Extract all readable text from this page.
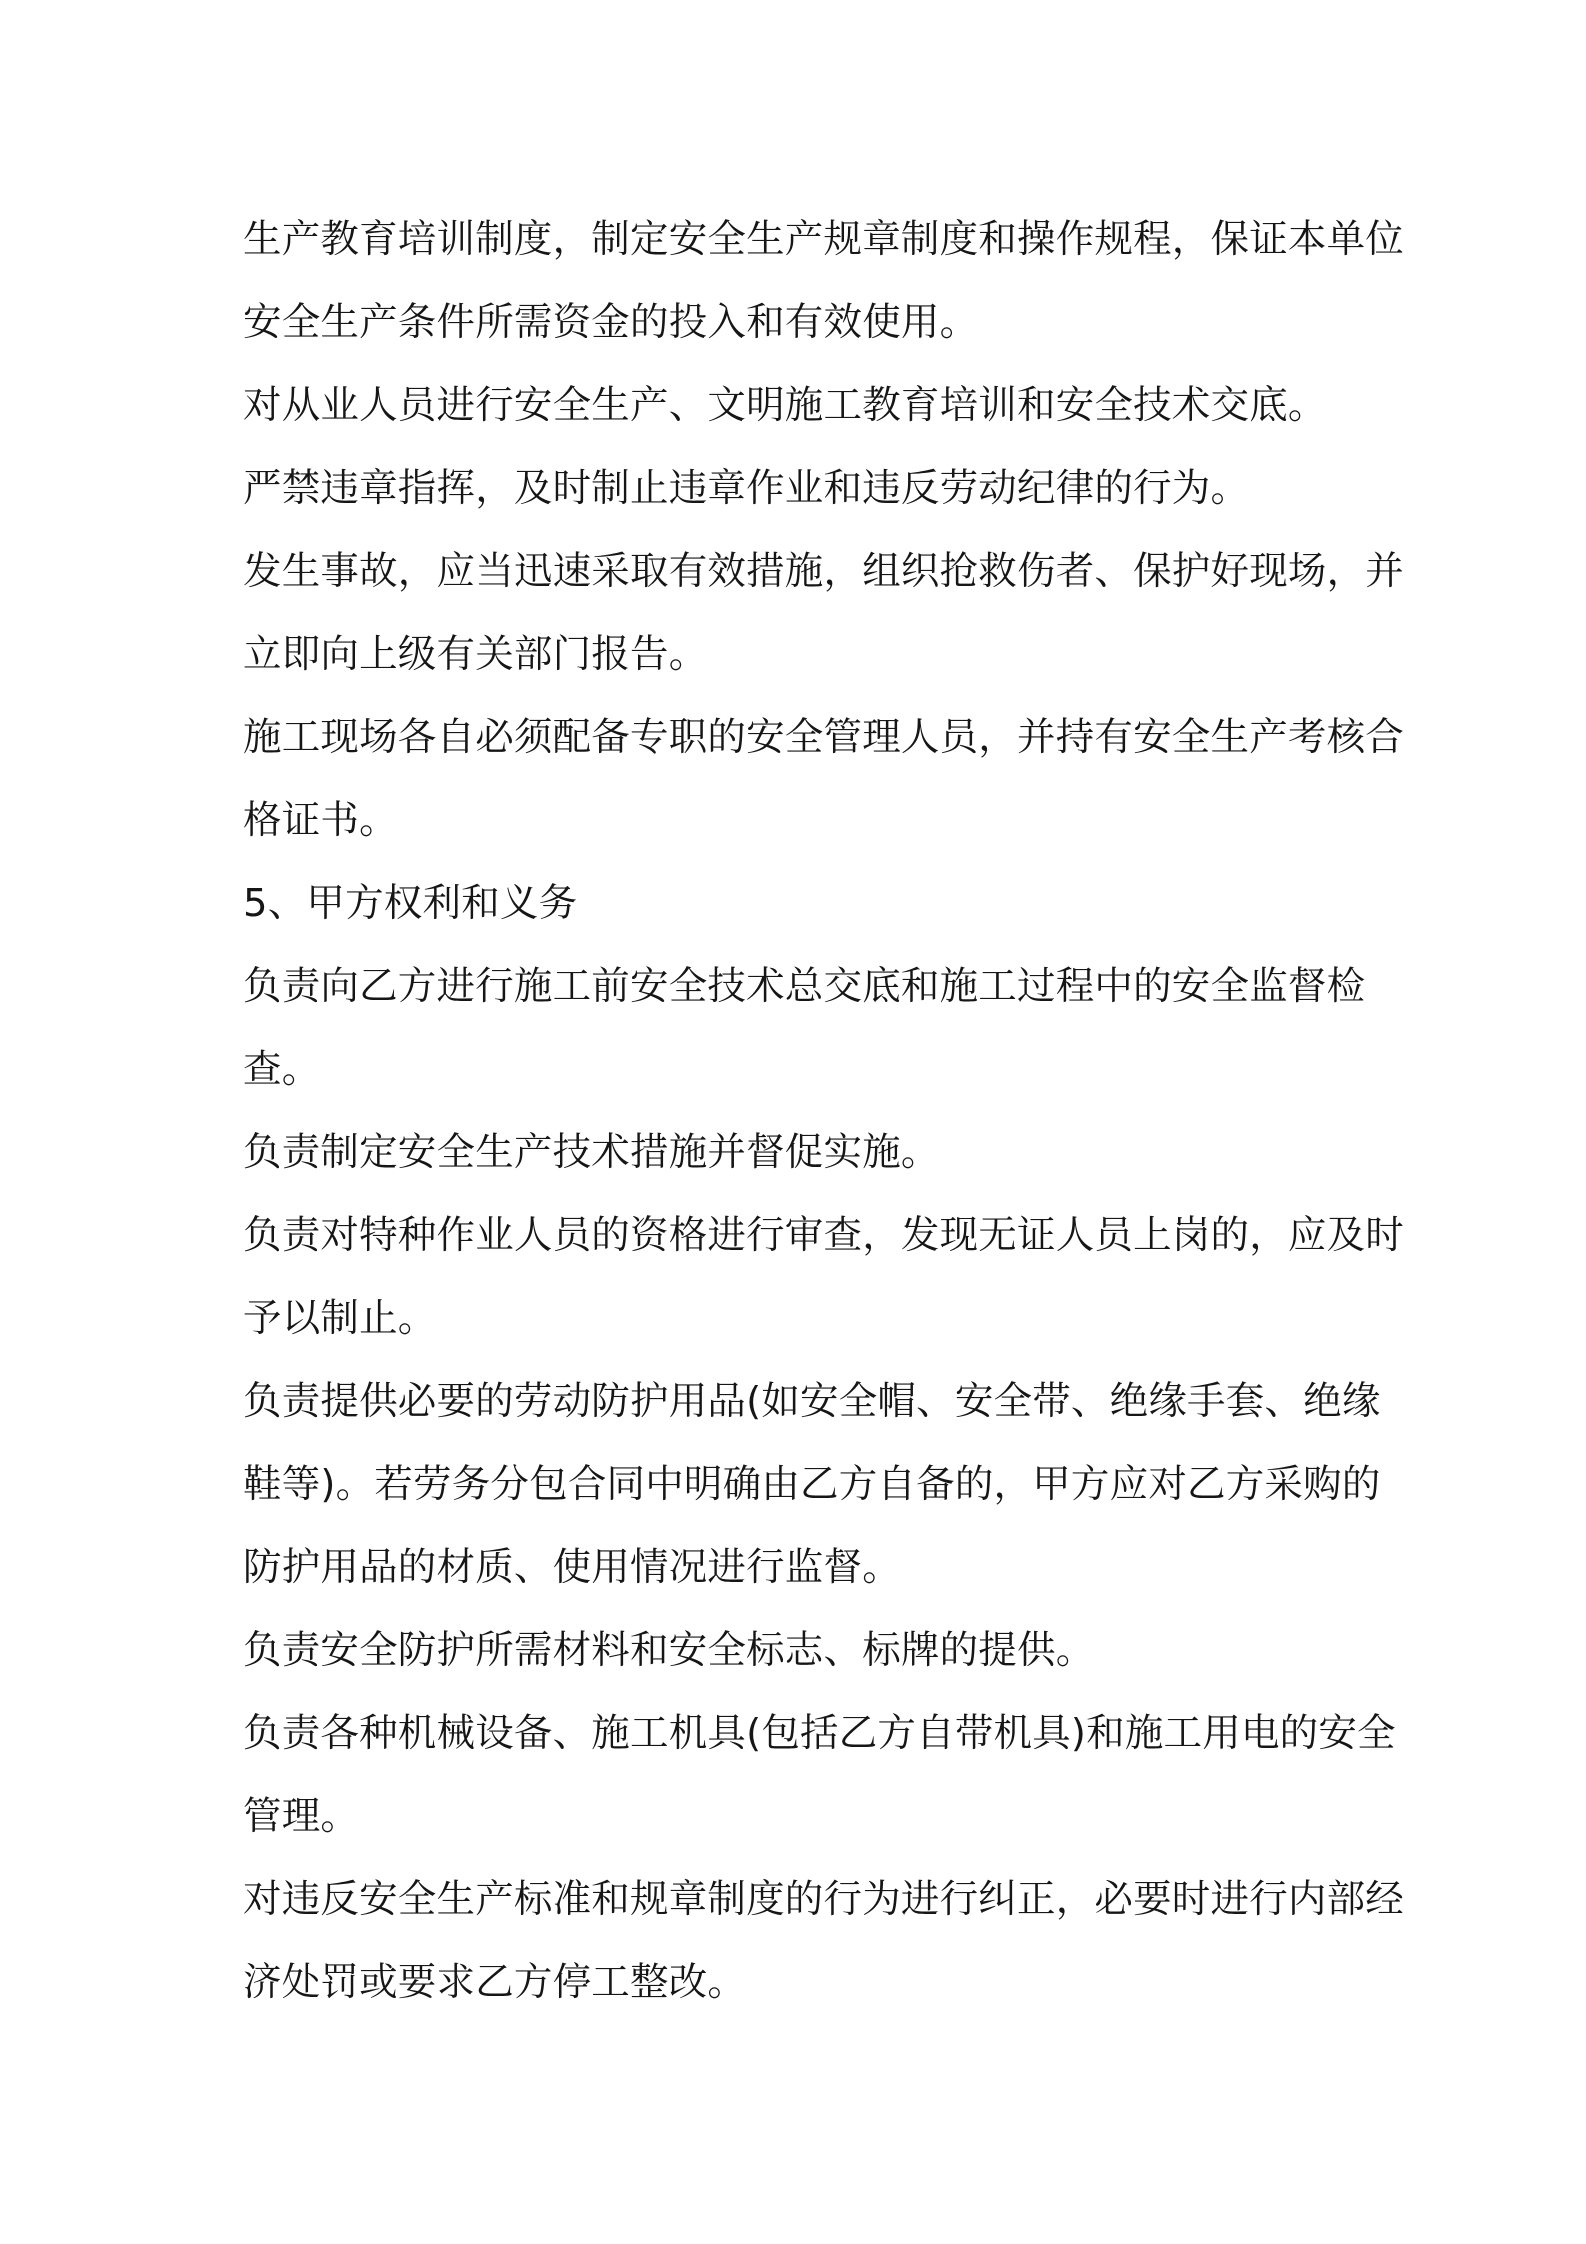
生产教育培训制度，制定安全生产规章制度和操作规程，保证本单位
安全生产条件所需资金的投入和有效使用。

对从业人员进行安全生产、文明施工教育培训和安全技术交底。

严禁违章指挥，及时制止违章作业和违反劳动纪律的行为。

发生事故，应当迅速采取有效措施，组织抢救伤者、保护好现场，并
立即向上级有关部门报告。

施工现场各自必须配备专职的安全管理人员，并持有安全生产考核合
格证书。

5、甲方权利和义务

负责向乙方进行施工前安全技术总交底和施工过程中的安全监督检
查。

负责制定安全生产技术措施并督促实施。

负责对特种作业人员的资格进行审查，发现无证人员上岗的，应及时
予以制止。

负责提供必要的劳动防护用品(如安全帽、安全带、绝缘手套、绝缘
鞋等)。若劳务分包合同中明确由乙方自备的，甲方应对乙方采购的
防护用品的材质、使用情况进行监督。

负责安全防护所需材料和安全标志、标牌的提供。

负责各种机械设备、施工机具(包括乙方自带机具)和施工用电的安全
管理。

对违反安全生产标准和规章制度的行为进行纠正，必要时进行内部经
济处罚或要求乙方停工整改。
